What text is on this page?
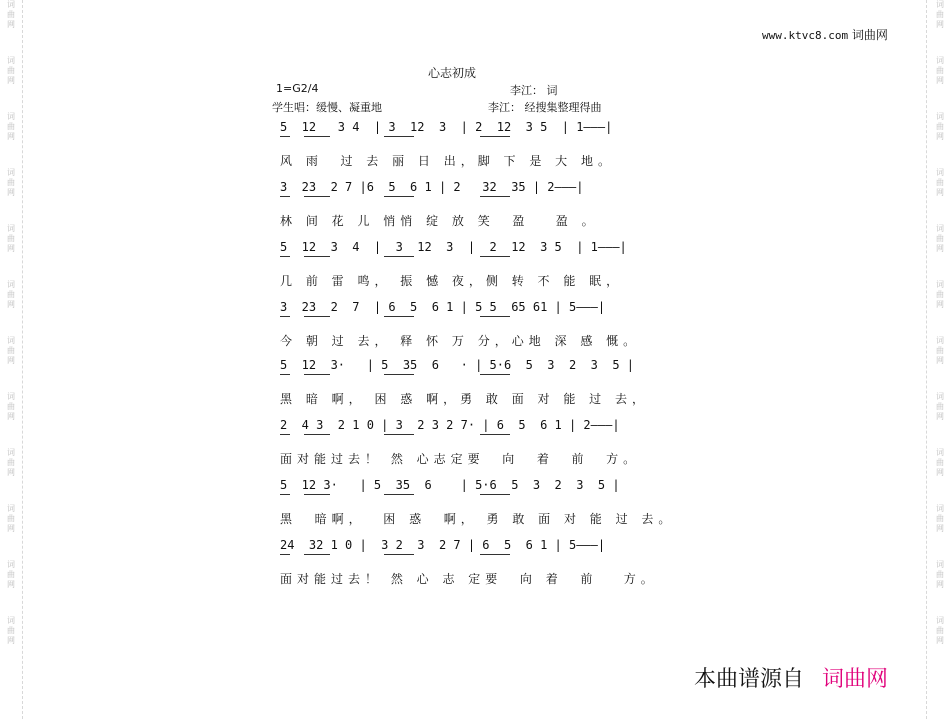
词
曲
网
词
曲
网
词
曲
网
词
曲
网
词
曲
网
词
曲
网
词
曲
网
词
曲
网
词
曲
网
词
曲
网
词
曲
网
词
曲
网
词
曲
网
词
曲
网
词
曲
网
词
曲
网
词
曲
网
词
曲
网
词
曲
网
词
曲
网
词
曲
网
词
曲
网
词
曲
网
词
曲
网
www.ktvc8.com 词曲网
心志初成
1=G2/4	李江： 词
学生唱：缓慢、凝重地	李江： 经搜集整理得曲
5  12   3 4  | 3  12  3  | 2  12  3 5  | 1———|
风 雨  过 去 丽 日 出，脚 下 是 大 地。
3  23  2 7 |6  5  6 1 | 2   32  35 | 2———|
林 间 花 儿 悄悄 绽 放 笑  盈   盈 。
5  12  3  4  |  3  12  3  |  2  12  3 5  | 1———|
几 前 雷 鸣， 振 憾 夜，侧 转 不 能 眠，
3  23  2  7  | 6  5  6 1 | 5 5  65 61 | 5———|
今 朝 过 去， 释 怀 万 分，心地 深 感 慨。
5  12  3·   | 5  35  6   · | 5·6  5  3  2  3  5 |
黑 暗 啊， 困 惑 啊，勇 敢 面 对 能 过 去，
2  4 3  2 1 0 | 3  2 3 2 7· | 6  5  6 1 | 2———|
面对能过去！ 然 心志定要  向  着  前  方。
5  12 3·   | 5  35  6    | 5·6  5  3  2  3  5 |
黑  暗啊，  困 惑  啊， 勇 敢 面 对 能 过 去。
24  32 1 0 |  3 2  3  2 7 | 6  5  6 1 | 5———|
面对能过去！ 然 心 志 定要  向 着  前   方。
本曲谱源自 词曲网
